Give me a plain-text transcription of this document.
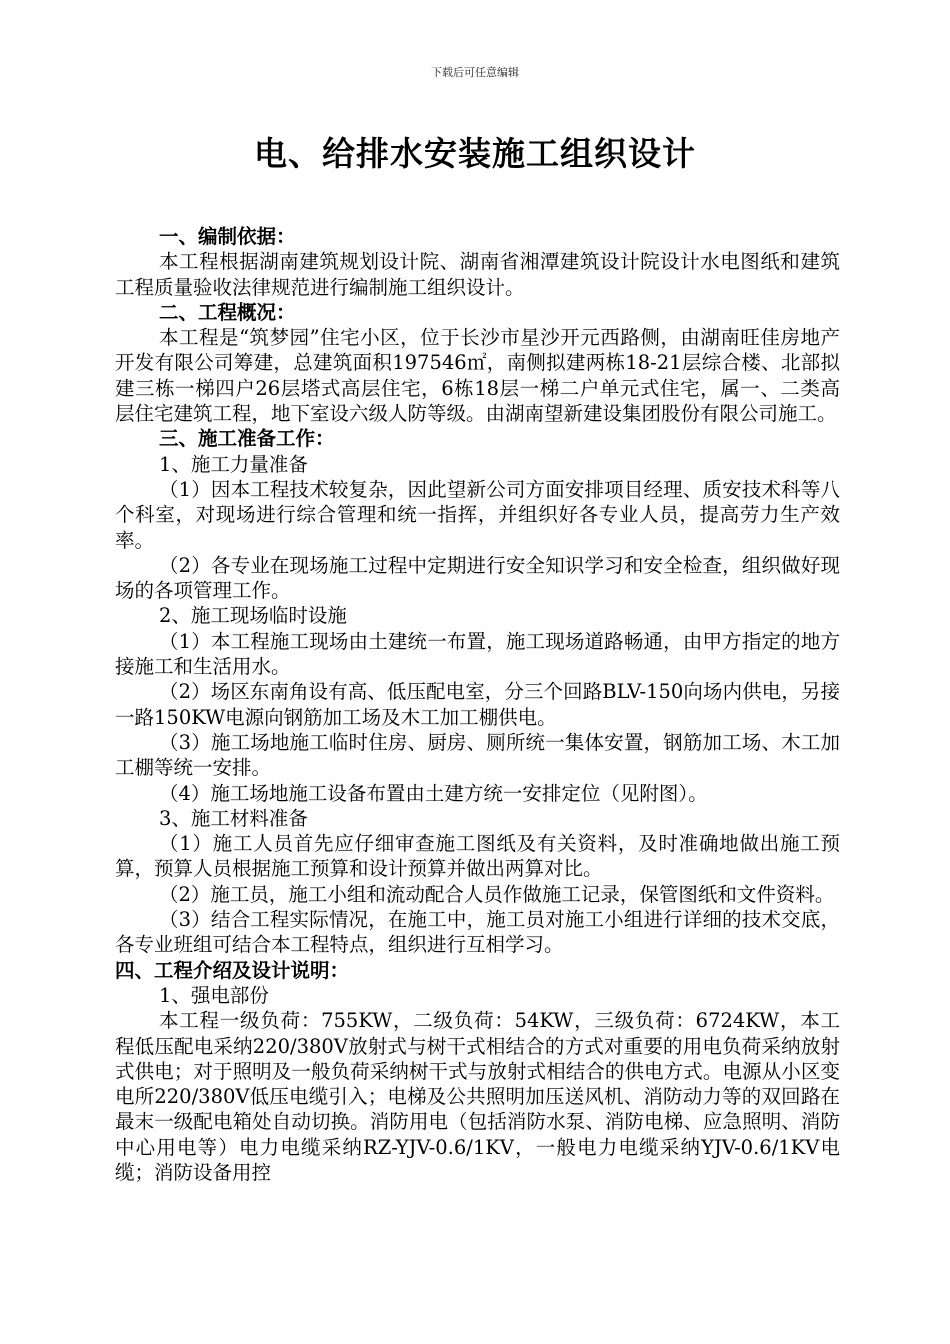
下载后可任意编辑
电、给排水安装施工组织设计

一、编制依据：

本工程根据湖南建筑规划设计院、湖南省湘潭建筑设计院设计水电图纸和建筑工程质量验收法律规范进行编制施工组织设计。

二、工程概况：

本工程是“筑梦园”住宅小区，位于长沙市星沙开元西路侧，由湖南旺佳房地产开发有限公司筹建，总建筑面积197546㎡，南侧拟建两栋18-21层综合楼、北部拟建三栋一梯四户26层塔式高层住宅，6栋18层一梯二户单元式住宅，属一、二类高层住宅建筑工程，地下室设六级人防等级。由湖南望新建设集团股份有限公司施工。

三、施工准备工作：

1、施工力量准备

（1）因本工程技术较复杂，因此望新公司方面安排项目经理、质安技术科等八个科室，对现场进行综合管理和统一指挥，并组织好各专业人员，提高劳力生产效率。

（2）各专业在现场施工过程中定期进行安全知识学习和安全检查，组织做好现场的各项管理工作。

2、施工现场临时设施

（1）本工程施工现场由土建统一布置，施工现场道路畅通，由甲方指定的地方接施工和生活用水。

（2）场区东南角设有高、低压配电室，分三个回路BLV-150向场内供电，另接一路150KW电源向钢筋加工场及木工加工棚供电。

（3）施工场地施工临时住房、厨房、厕所统一集体安置，钢筋加工场、木工加工棚等统一安排。

（4）施工场地施工设备布置由土建方统一安排定位（见附图）。

3、施工材料准备

（1）施工人员首先应仔细审查施工图纸及有关资料，及时准确地做出施工预算，预算人员根据施工预算和设计预算并做出两算对比。

（2）施工员，施工小组和流动配合人员作做施工记录，保管图纸和文件资料。

（3）结合工程实际情况，在施工中，施工员对施工小组进行详细的技术交底，各专业班组可结合本工程特点，组织进行互相学习。

四、工程介绍及设计说明：

1、强电部份

本工程一级负荷：755KW，二级负荷：54KW，三级负荷：6724KW，本工程低压配电采纳220/380V放射式与树干式相结合的方式对重要的用电负荷采纳放射式供电；对于照明及一般负荷采纳树干式与放射式相结合的供电方式。电源从小区变电所220/380V低压电缆引入；电梯及公共照明加压送风机、消防动力等的双回路在最末一级配电箱处自动切换。消防用电（包括消防水泵、消防电梯、应急照明、消防中心用电等）电力电缆采纳RZ-YJV-0.6/1KV，一般电力电缆采纳YJV-0.6/1KV电缆；消防设备用控
